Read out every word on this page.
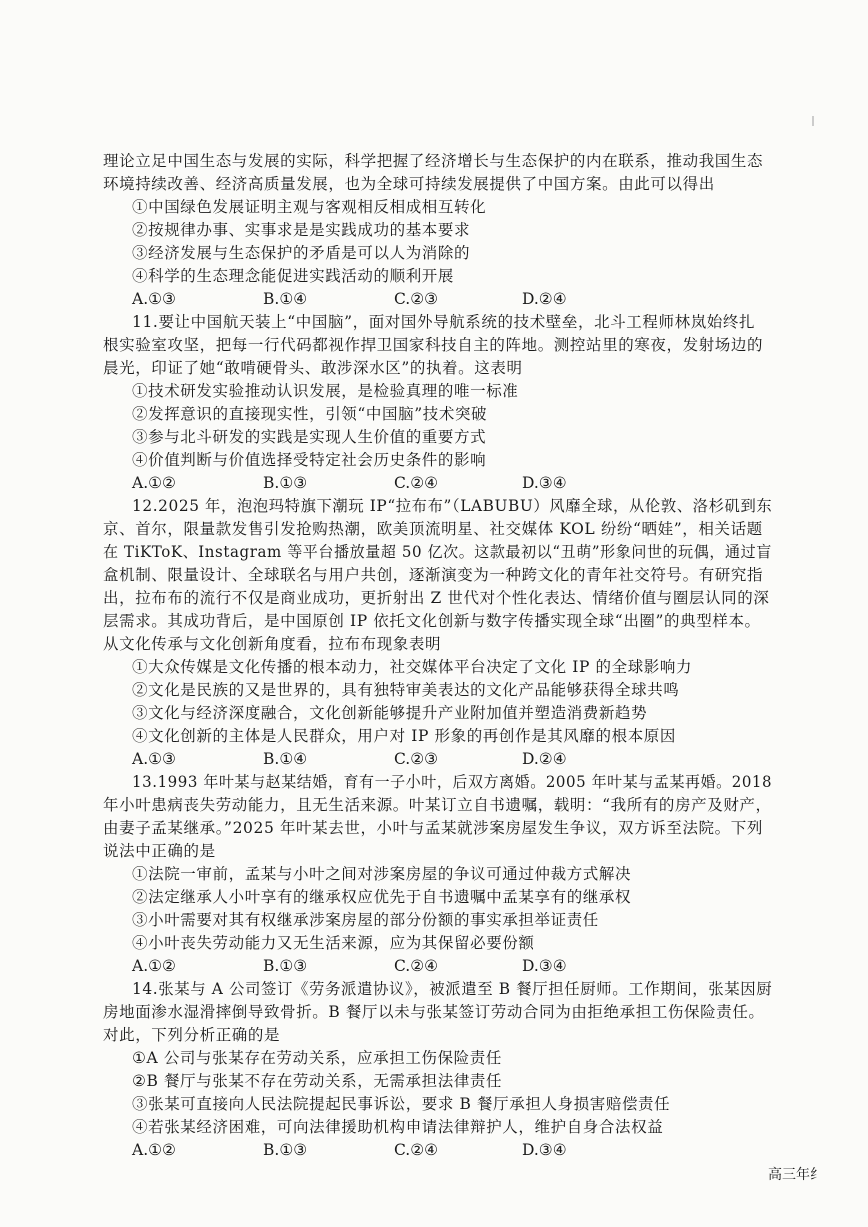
理论立足中国生态与发展的实际，科学把握了经济增长与生态保护的内在联系，推动我国生态
环境持续改善、经济高质量发展，也为全球可持续发展提供了中国方案。由此可以得出
①中国绿色发展证明主观与客观相反相成相互转化
②按规律办事、实事求是是实践成功的基本要求
③经济发展与生态保护的矛盾是可以人为消除的
④科学的生态理念能促进实践活动的顺利开展
A.①③	B.①④	C.②③	D.②④
11.要让中国航天装上“中国脑”，面对国外导航系统的技术壁垒，北斗工程师林岚始终扎
根实验室攻坚，把每一行代码都视作捍卫国家科技自主的阵地。测控站里的寒夜，发射场边的
晨光，印证了她“敢啃硬骨头、敢涉深水区”的执着。这表明
①技术研发实验推动认识发展，是检验真理的唯一标准
②发挥意识的直接现实性，引领“中国脑”技术突破
③参与北斗研发的实践是实现人生价值的重要方式
④价值判断与价值选择受特定社会历史条件的影响
A.①②	B.①③	C.②④	D.③④
12.2025 年，泡泡玛特旗下潮玩 IP“拉布布”（LABUBU）风靡全球，从伦敦、洛杉矶到东
京、首尔，限量款发售引发抢购热潮，欧美顶流明星、社交媒体 KOL 纷纷“晒娃”，相关话题
在 TiKToK、Instagram 等平台播放量超 50 亿次。这款最初以“丑萌”形象问世的玩偶，通过盲
盒机制、限量设计、全球联名与用户共创，逐渐演变为一种跨文化的青年社交符号。有研究指
出，拉布布的流行不仅是商业成功，更折射出 Z 世代对个性化表达、情绪价值与圈层认同的深
层需求。其成功背后，是中国原创 IP 依托文化创新与数字传播实现全球“出圈”的典型样本。
从文化传承与文化创新角度看，拉布布现象表明
①大众传媒是文化传播的根本动力，社交媒体平台决定了文化 IP 的全球影响力
②文化是民族的又是世界的，具有独特审美表达的文化产品能够获得全球共鸣
③文化与经济深度融合，文化创新能够提升产业附加值并塑造消费新趋势
④文化创新的主体是人民群众，用户对 IP 形象的再创作是其风靡的根本原因
A.①③	B.①④	C.②③	D.②④
13.1993 年叶某与赵某结婚，育有一子小叶，后双方离婚。2005 年叶某与孟某再婚。2018
年小叶患病丧失劳动能力，且无生活来源。叶某订立自书遗嘱，载明：“我所有的房产及财产，
由妻子孟某继承。”2025 年叶某去世，小叶与孟某就涉案房屋发生争议，双方诉至法院。下列
说法中正确的是
①法院一审前，孟某与小叶之间对涉案房屋的争议可通过仲裁方式解决
②法定继承人小叶享有的继承权应优先于自书遗嘱中孟某享有的继承权
③小叶需要对其有权继承涉案房屋的部分份额的事实承担举证责任
④小叶丧失劳动能力又无生活来源，应为其保留必要份额
A.①②	B.①③	C.②④	D.③④
14.张某与 A 公司签订《劳务派遣协议》，被派遣至 B 餐厅担任厨师。工作期间，张某因厨
房地面渗水湿滑摔倒导致骨折。B 餐厅以未与张某签订劳动合同为由拒绝承担工伤保险责任。
对此，下列分析正确的是
①A 公司与张某存在劳动关系，应承担工伤保险责任
②B 餐厅与张某不存在劳动关系，无需承担法律责任
③张某可直接向人民法院提起民事诉讼，要求 B 餐厅承担人身损害赔偿责任
④若张某经济困难，可向法律援助机构申请法律辩护人，维护自身合法权益
A.①②	B.①③	C.②④	D.③④
高三年纟
